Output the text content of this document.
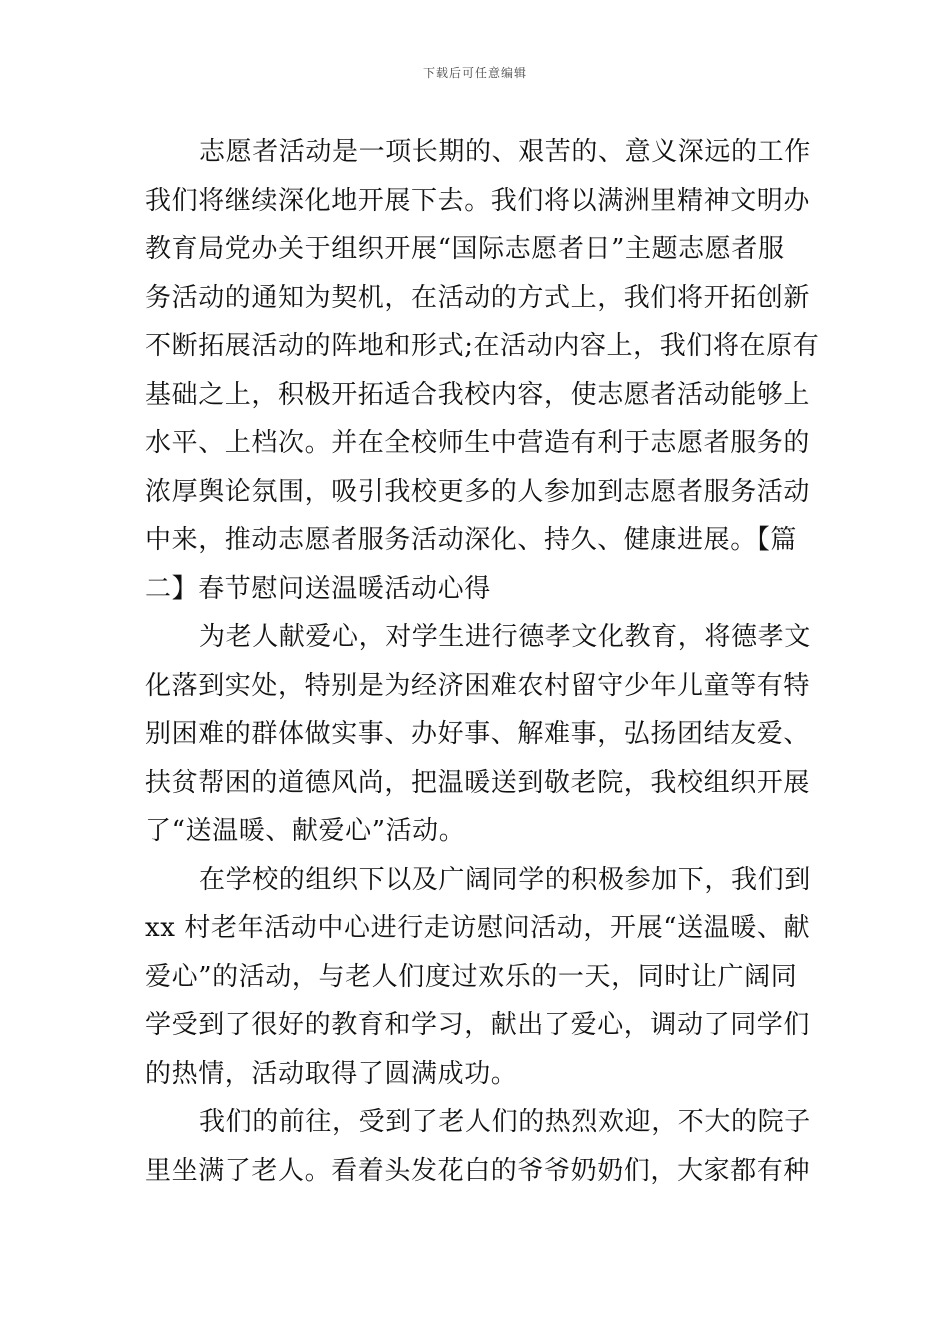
下载后可任意编辑
志愿者活动是一项长期的、艰苦的、意义深远的工作
我们将继续深化地开展下去。我们将以满洲里精神文明办
教育局党办关于组织开展“国际志愿者日”主题志愿者服
务活动的通知为契机，在活动的方式上，我们将开拓创新
不断拓展活动的阵地和形式;在活动内容上，我们将在原有
基础之上，积极开拓适合我校内容，使志愿者活动能够上
水平、上档次。并在全校师生中营造有利于志愿者服务的
浓厚舆论氛围，吸引我校更多的人参加到志愿者服务活动
中来，推动志愿者服务活动深化、持久、健康进展。【篇
二】春节慰问送温暖活动心得
为老人献爱心，对学生进行德孝文化教育，将德孝文
化落到实处，特别是为经济困难农村留守少年儿童等有特
别困难的群体做实事、办好事、解难事，弘扬团结友爱、
扶贫帮困的道德风尚，把温暖送到敬老院，我校组织开展
了“送温暖、献爱心”活动。
在学校的组织下以及广阔同学的积极参加下，我们到
xx 村老年活动中心进行走访慰问活动，开展“送温暖、献
爱心”的活动，与老人们度过欢乐的一天，同时让广阔同
学受到了很好的教育和学习，献出了爱心，调动了同学们
的热情，活动取得了圆满成功。
我们的前往，受到了老人们的热烈欢迎，不大的院子
里坐满了老人。看着头发花白的爷爷奶奶们，大家都有种
